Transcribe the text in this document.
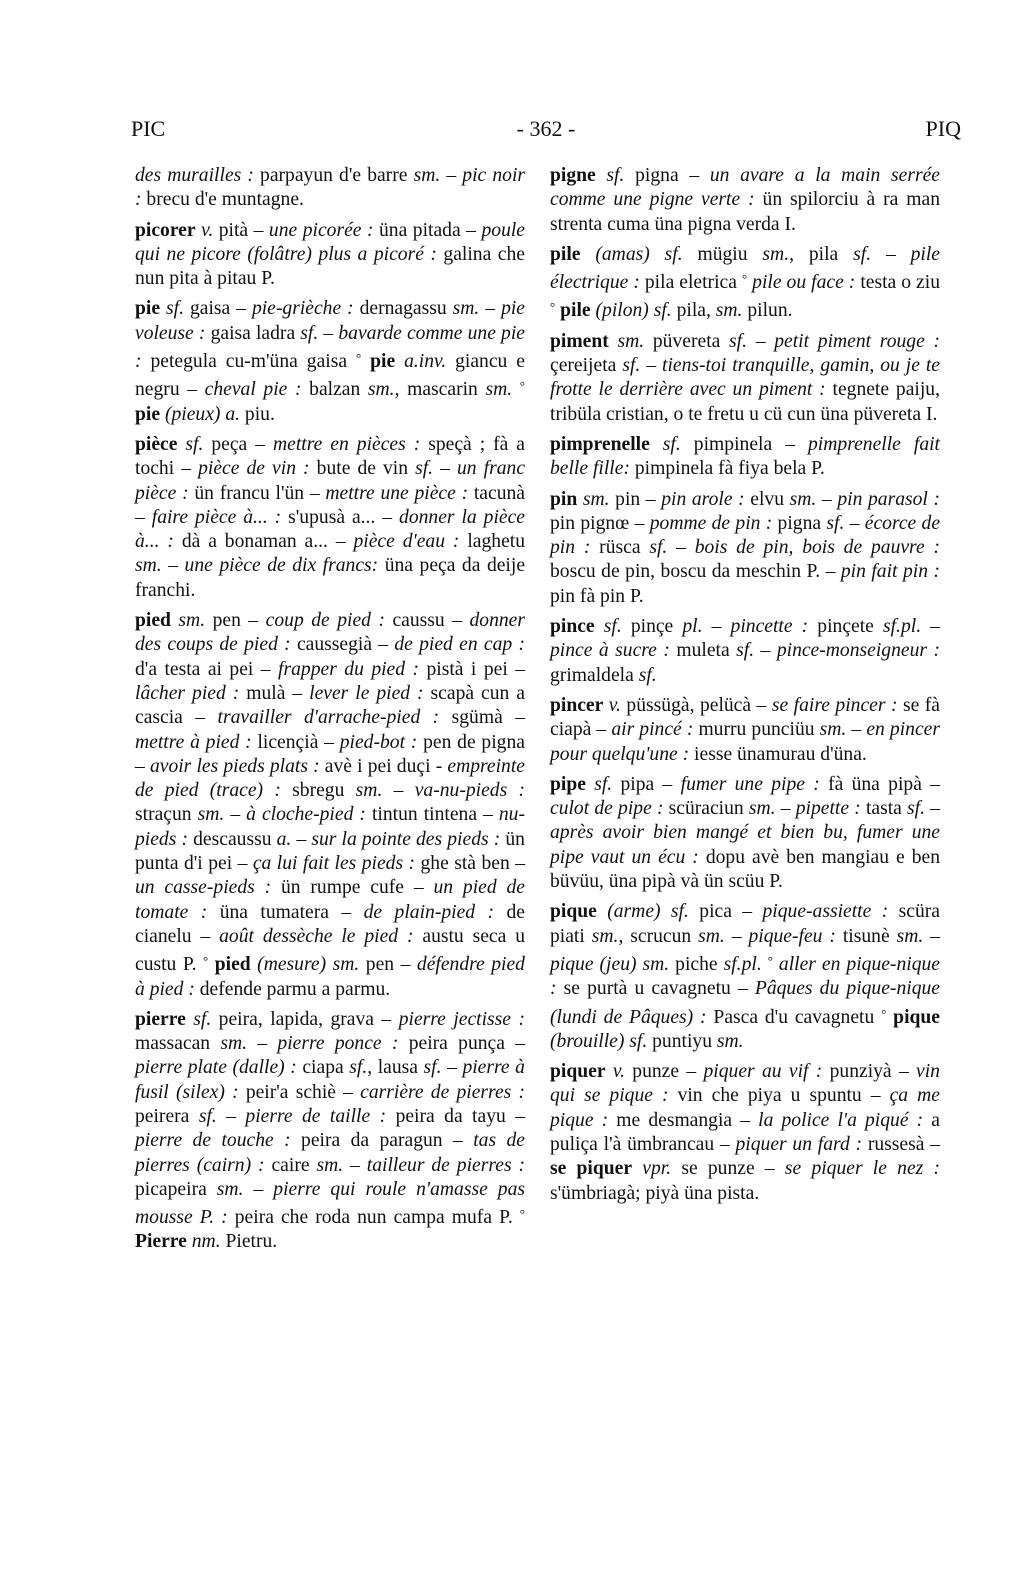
PIC	- 362 -	PIQ

des murailles : parpayun d'e barre sm. – pic noir : brecu d'e muntagne.

picorer v. pità – une picorée : üna pitada – poule qui ne picore (folâtre) plus a picoré : galina che nun pita à pitau P.

pie sf. gaisa – pie-grièche : dernagassu sm. – pie voleuse : gaisa ladra sf. – bavarde comme une pie : petegula cu-m'üna gaisa ° pie a.inv. giancu e negru – cheval pie : balzan sm., mascarin sm. ° pie (pieux) a. piu.

pièce sf. peça – mettre en pièces : speçà ; fà a tochi – pièce de vin : bute de vin sf. – un franc pièce : ün francu l'ün – mettre une pièce : tacunà – faire pièce à... : s'upusà a... – donner la pièce à... : dà a bonaman a... – pièce d'eau : laghetu sm. – une pièce de dix francs: üna peça da deije franchi.

pied sm. pen – coup de pied : caussu – donner des coups de pied : caussegià – de pied en cap : d'a testa ai pei – frapper du pied : pistà i pei – lâcher pied : mulà – lever le pied : scapà cun a cascia – travailler d'arrache-pied : sgümà – mettre à pied : licençià – pied-bot : pen de pigna – avoir les pieds plats : avè i pei duçi - empreinte de pied (trace) : sbregu sm. – va-nu-pieds : straçun sm. – à cloche-pied : tintun tintena – nu-pieds : descaussu a. – sur la pointe des pieds : ün punta d'i pei – ça lui fait les pieds : ghe stà ben – un casse-pieds : ün rumpe cufe – un pied de tomate : üna tumatera – de plain-pied : de cianelu – août dessèche le pied : austu seca u custu P. ° pied (mesure) sm. pen – défendre pied à pied : defende parmu a parmu.

pierre sf. peira, lapida, grava – pierre jectisse : massacan sm. – pierre ponce : peira punça – pierre plate (dalle) : ciapa sf., lausa sf. – pierre à fusil (silex) : peir'a schiè – carrière de pierres : peirera sf. – pierre de taille : peira da tayu – pierre de touche : peira da paragun – tas de pierres (cairn) : caire sm. – tailleur de pierres : picapeira sm. – pierre qui roule n'amasse pas mousse P. : peira che roda nun campa mufa P. ° Pierre nm. Pietru.

pigne sf. pigna – un avare a la main serrée comme une pigne verte : ün spilorciu à ra man strenta cuma üna pigna verda I.

pile (amas) sf. mügiu sm., pila sf. – pile électrique : pila eletrica ° pile ou face : testa o ziu ° pile (pilon) sf. pila, sm. pilun.

piment sm. püvereta sf. – petit piment rouge : çereijeta sf. – tiens-toi tranquille, gamin, ou je te frotte le derrière avec un piment : tegnete paiju, tribüla cristian, o te fretu u cü cun üna püvereta I.

pimprenelle sf. pimpinela – pimprenelle fait belle fille: pimpinela fà fiya bela P.

pin sm. pin – pin arole : elvu sm. – pin parasol : pin pignœ – pomme de pin : pigna sf. – écorce de pin : rüsca sf. – bois de pin, bois de pauvre : boscu de pin, boscu da meschin P. – pin fait pin : pin fà pin P.

pince sf. pinçe pl. – pincette : pinçete sf.pl. – pince à sucre : muleta sf. – pince-monseigneur : grimaldela sf.

pincer v. püssügà, pelücà – se faire pincer : se fà ciapà – air pincé : murru punciüu sm. – en pincer pour quelqu'une : iesse ünamurau d'üna.

pipe sf. pipa – fumer une pipe : fà üna pipà – culot de pipe : scüraciun sm. – pipette : tasta sf. – après avoir bien mangé et bien bu, fumer une pipe vaut un écu : dopu avè ben mangiau e ben büvüu, üna pipà và ün scüu P.

pique (arme) sf. pica – pique-assiette : scüra piati sm., scrucun sm. – pique-feu : tisunè sm. – pique (jeu) sm. piche sf.pl. ° aller en pique-nique : se purtà u cavagnetu – Pâques du pique-nique (lundi de Pâques) : Pasca d'u cavagnetu ° pique (brouille) sf. puntiyu sm.

piquer v. punze – piquer au vif : punziyà – vin qui se pique : vin che piya u spuntu – ça me pique : me desmangia – la police l'a piqué : a puliça l'à ümbrancau – piquer un fard : russesà – se piquer vpr. se punze – se piquer le nez : s'ümbriagà; piyà üna pista.
